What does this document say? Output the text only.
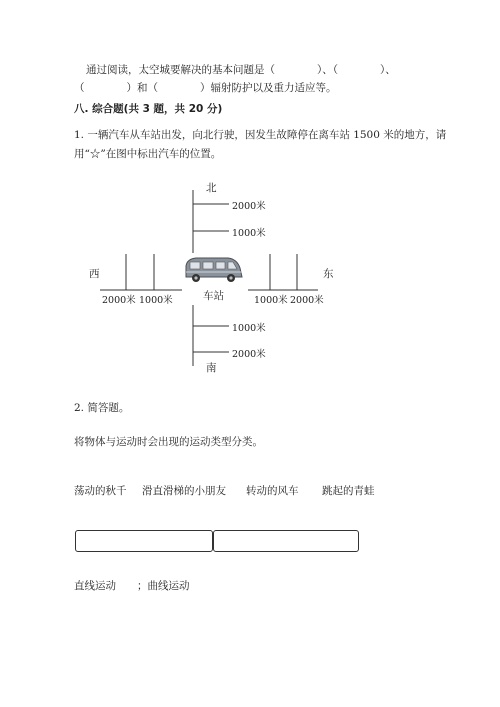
通过阅读，太空城要解决的基本问题是（　　　　）、（　　　　）、
（　　　　）和（　　　　）辐射防护以及重力适应等。
八. 综合题(共 3 题，共 20 分)
1. 一辆汽车从车站出发，向北行驶，因发生故障停在离车站 1500 米的地方，请
用“☆”在图中标出汽车的位置。
北
2000米
1000米
西
2000米 1000米
东
1000米 2000米
车站
1000米
2000米
南
2. 简答题。
将物体与运动时会出现的运动类型分类。
荡动的秋千 滑直滑梯的小朋友 转动的风车 跳起的青蛙
直线运动　　；曲线运动
